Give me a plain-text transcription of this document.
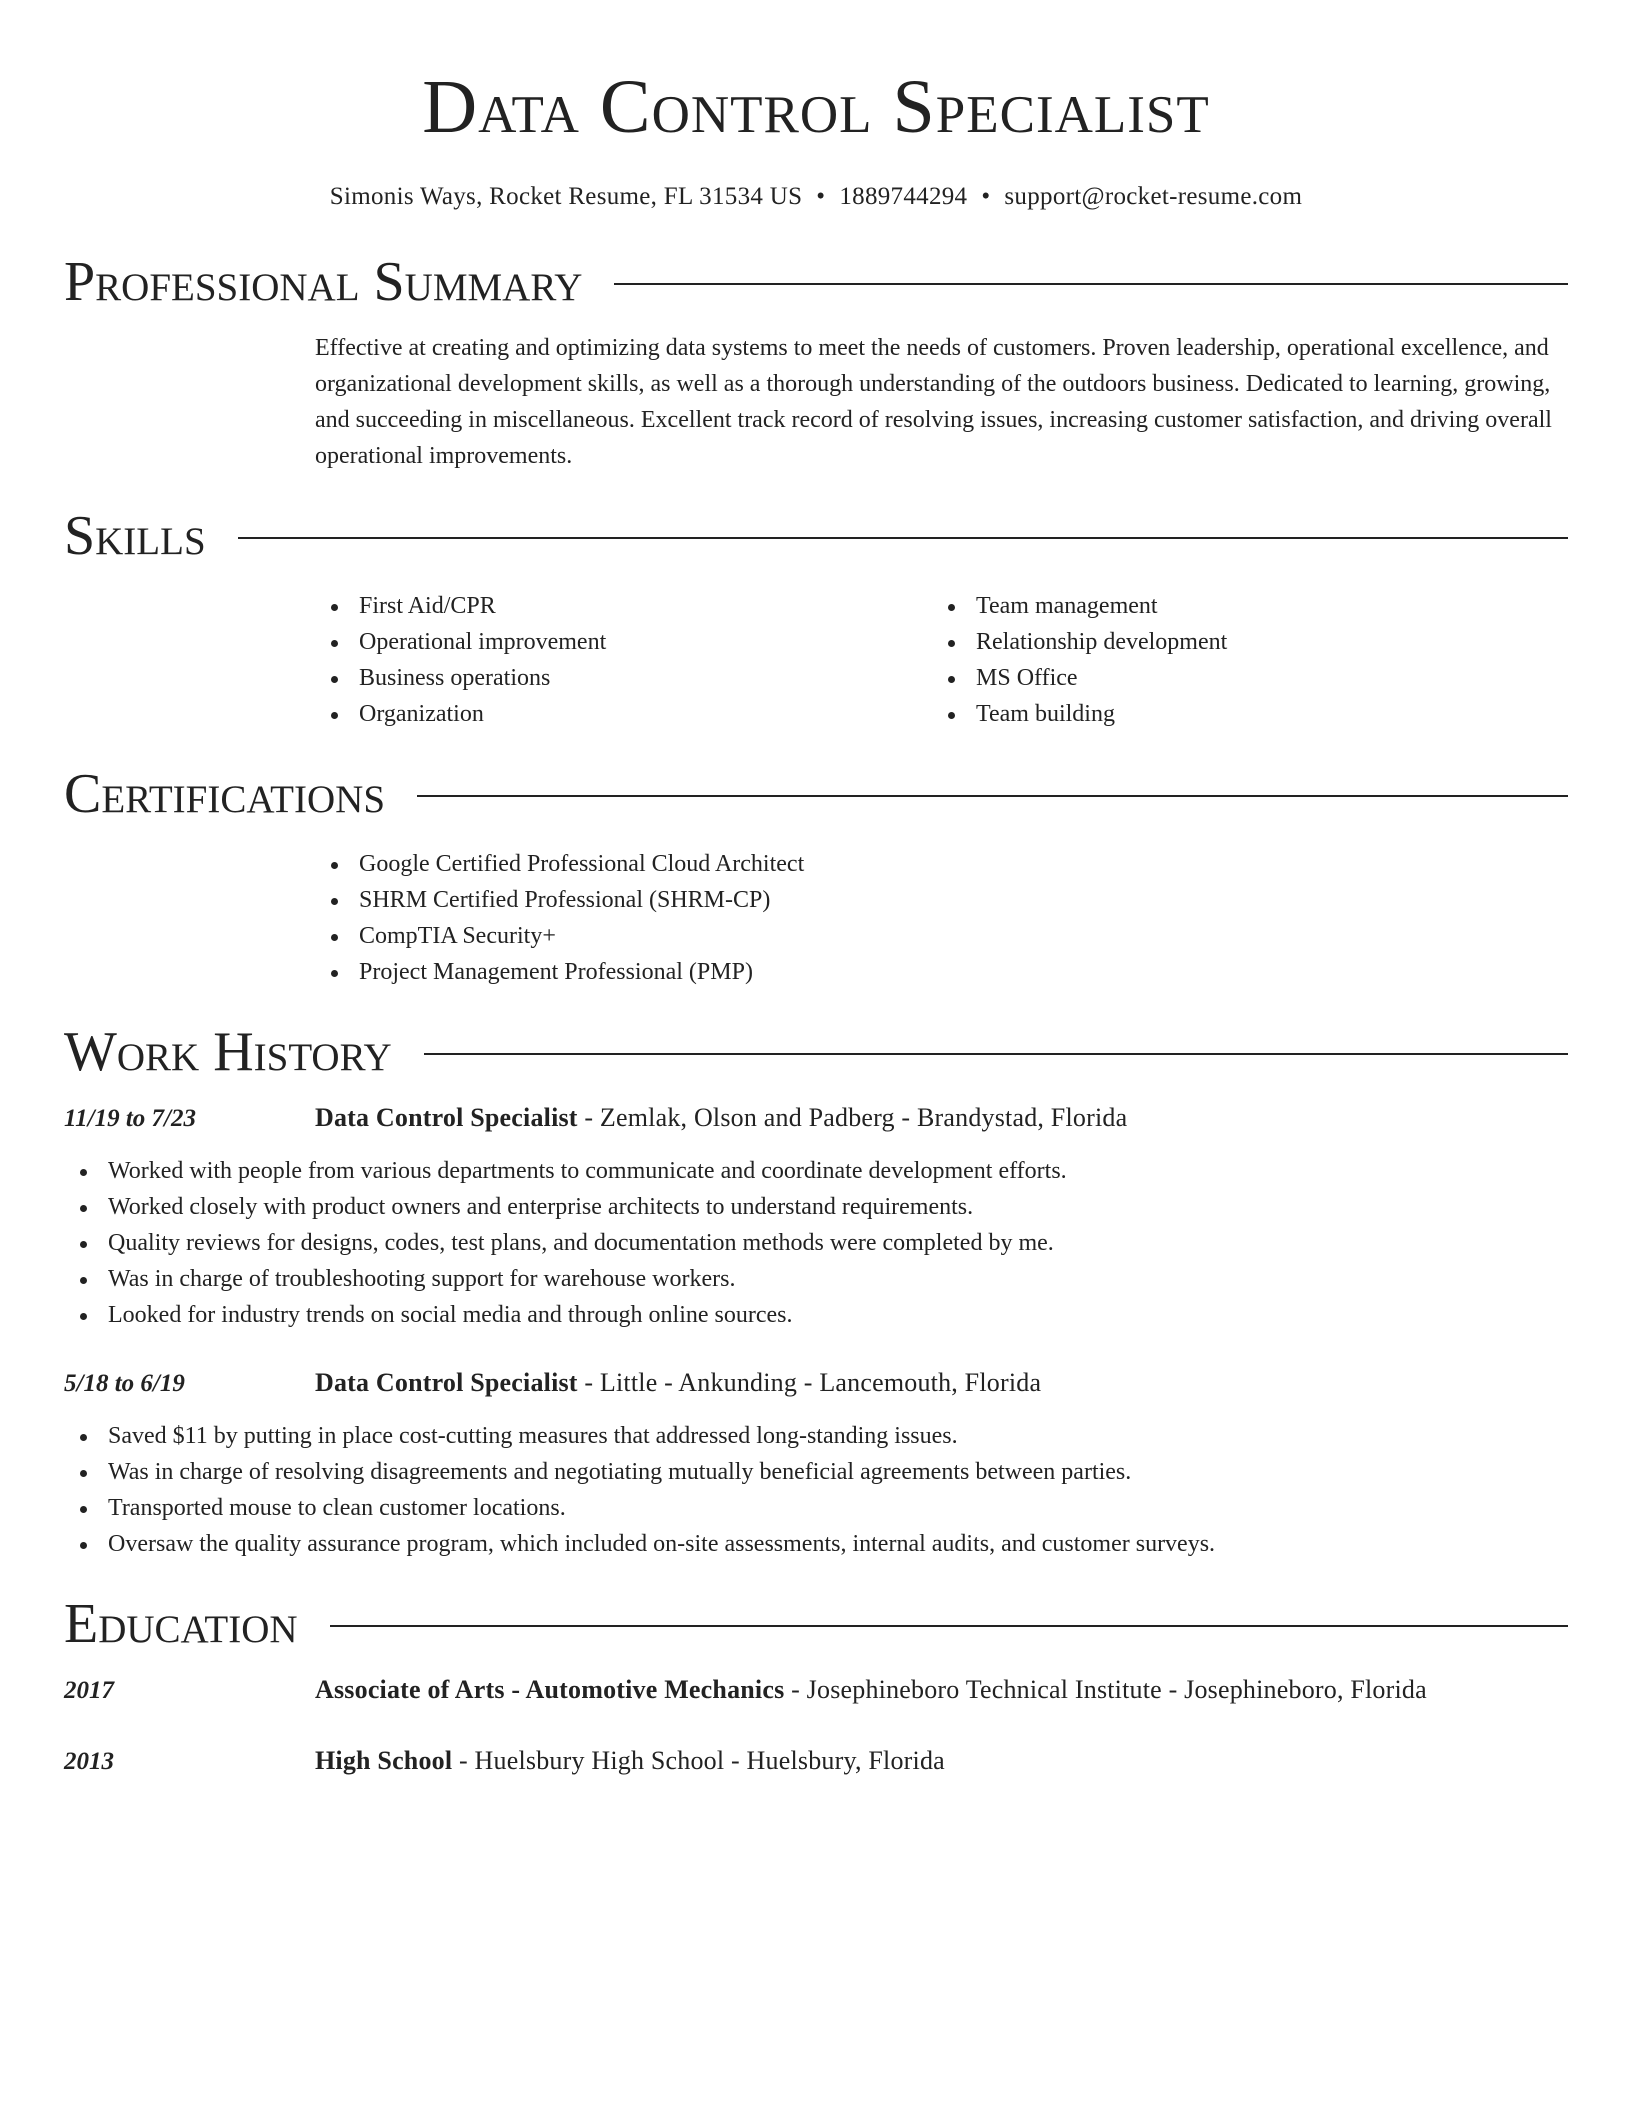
Data Control Specialist
Simonis Ways, Rocket Resume, FL 31534 US • 1889744294 • support@rocket-resume.com
Professional Summary

Effective at creating and optimizing data systems to meet the needs of customers. Proven leadership, operational excellence, and organizational development skills, as well as a thorough understanding of the outdoors business. Dedicated to learning, growing, and succeeding in miscellaneous. Excellent track record of resolving issues, increasing customer satisfaction, and driving overall operational improvements.

Skills
First Aid/CPR
Operational improvement
Business operations
Organization
Team management
Relationship development
MS Office
Team building
Certifications
Google Certified Professional Cloud Architect
SHRM Certified Professional (SHRM-CP)
CompTIA Security+
Project Management Professional (PMP)
Work History
11/19 to 7/23	Data Control Specialist - Zemlak, Olson and Padberg - Brandystad, Florida
Worked with people from various departments to communicate and coordinate development efforts.
Worked closely with product owners and enterprise architects to understand requirements.
Quality reviews for designs, codes, test plans, and documentation methods were completed by me.
Was in charge of troubleshooting support for warehouse workers.
Looked for industry trends on social media and through online sources.
5/18 to 6/19	Data Control Specialist - Little - Ankunding - Lancemouth, Florida
Saved $11 by putting in place cost-cutting measures that addressed long-standing issues.
Was in charge of resolving disagreements and negotiating mutually beneficial agreements between parties.
Transported mouse to clean customer locations.
Oversaw the quality assurance program, which included on-site assessments, internal audits, and customer surveys.
Education
2017	Associate of Arts - Automotive Mechanics - Josephineboro Technical Institute - Josephineboro, Florida
2013	High School - Huelsbury High School - Huelsbury, Florida
